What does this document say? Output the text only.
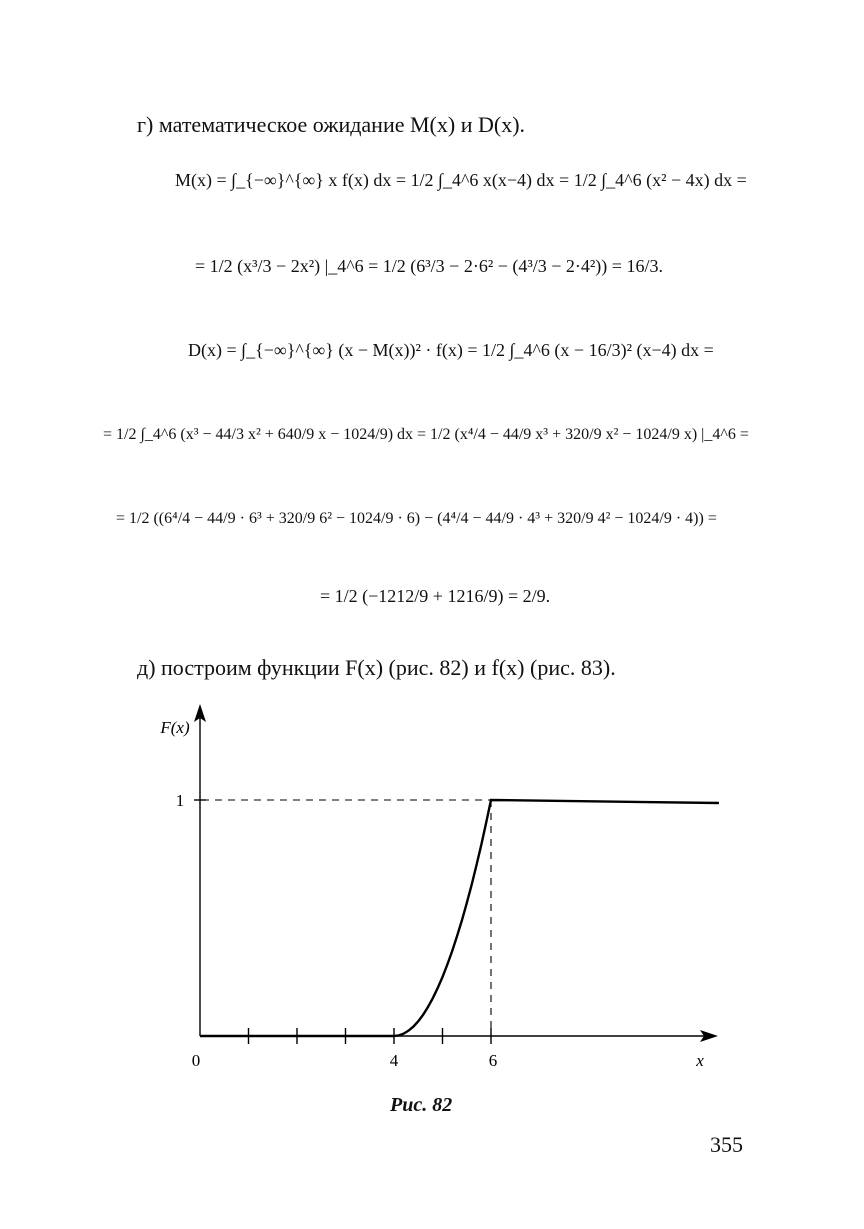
г) математическое ожидание M(x) и D(x).
M(x) = ∫_{−∞}^{∞} x f(x) dx = 1/2 ∫_4^6 x(x−4) dx = 1/2 ∫_4^6 (x² − 4x) dx =
= 1/2 (x³/3 − 2x²) |_4^6 = 1/2 (6³/3 − 2·6² − (4³/3 − 2·4²)) = 16/3.
D(x) = ∫_{−∞}^{∞} (x − M(x))² · f(x) = 1/2 ∫_4^6 (x − 16/3)² (x−4) dx =
= 1/2 ∫_4^6 (x³ − 44/3 x² + 640/9 x − 1024/9) dx = 1/2 (x⁴/4 − 44/9 x³ + 320/9 x² − 1024/9 x) |_4^6 =
= 1/2 ((6⁴/4 − 44/9 · 6³ + 320/9 6² − 1024/9 · 6) − (4⁴/4 − 44/9 · 4³ + 320/9 4² − 1024/9 · 4)) =
= 1/2 (−1212/9 + 1216/9) = 2/9.
д) построим функции F(x) (рис. 82) и f(x) (рис. 83).
0	4	6
1
x
F(x)
Рис. 82
355
